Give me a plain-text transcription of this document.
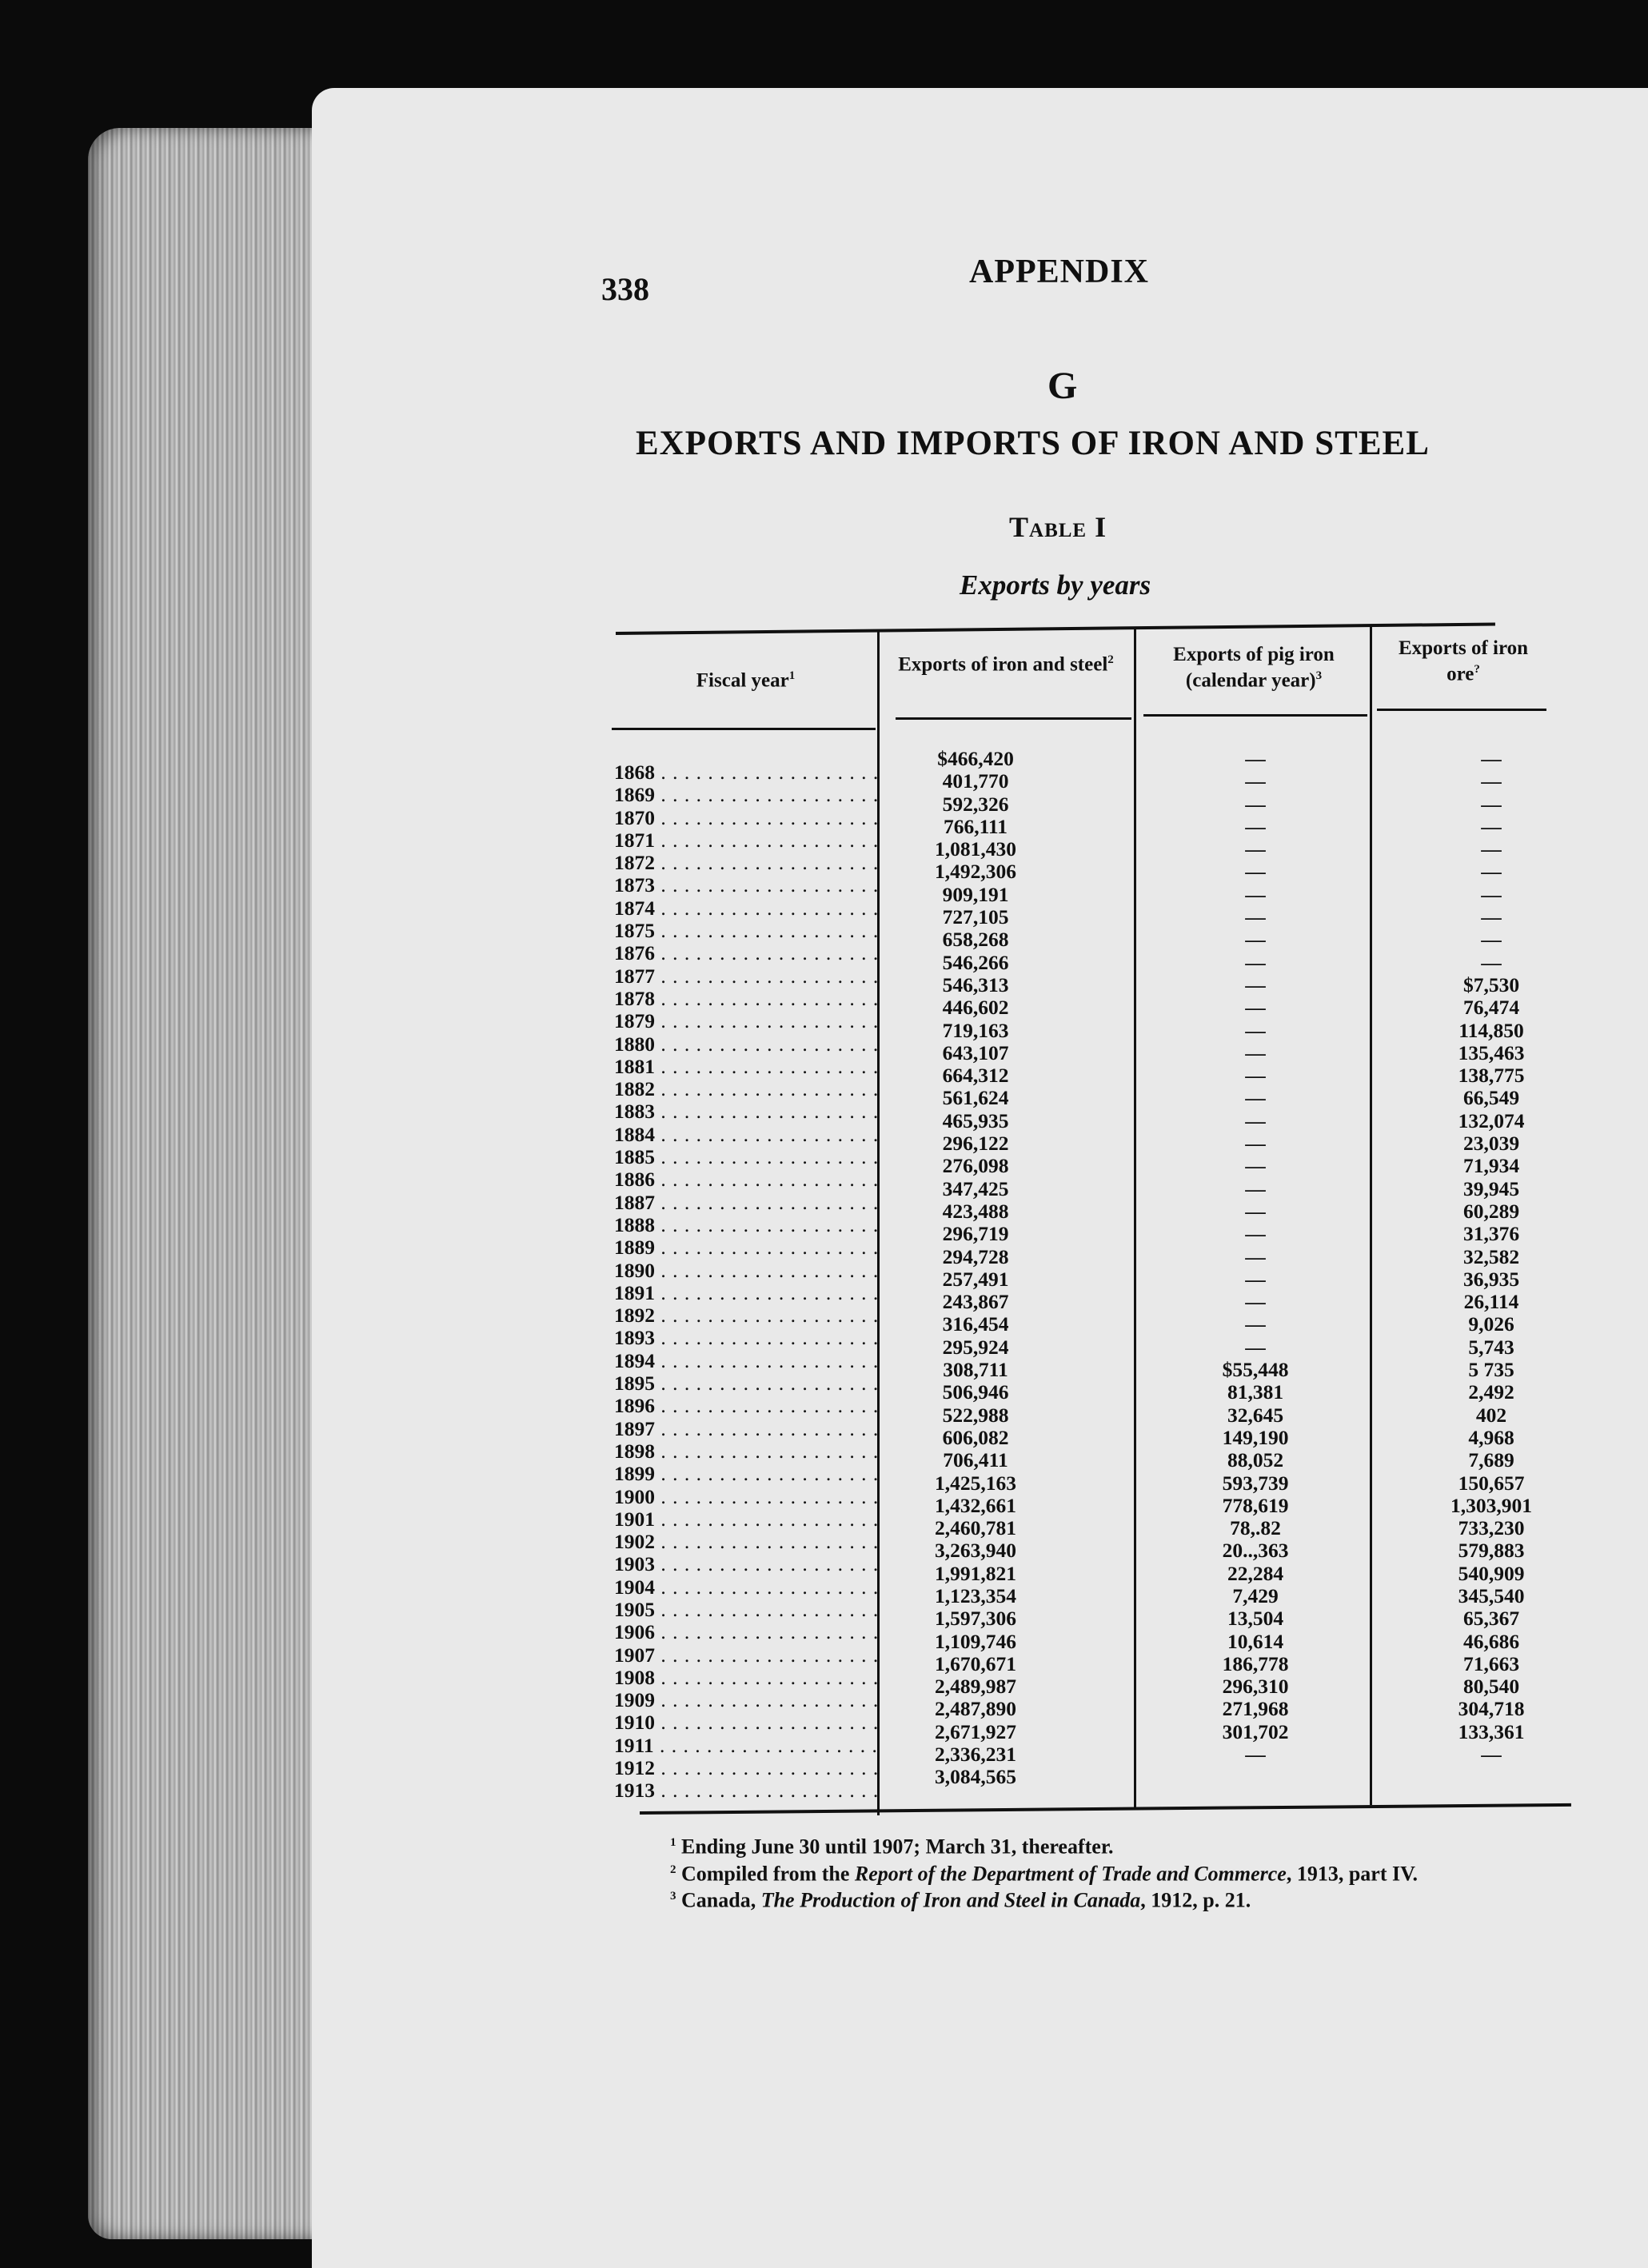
338	APPENDIX
G
EXPORTS AND IMPORTS OF IRON AND STEEL
Table I
Exports by years
Fiscal year$^1$
Exports of iron and steel$^2$	Exports of pig iron (calendar year)$^3$
Exports of iron ore?
1868 . . .
1869 . . .
1870 . . .
1871 . . .
1872 . . .
1873 . . .
1874 . . .
1875 . . .
1876 . . .
1877 . . .
1878 . . .
1879 . . .
1880 . . .
1881 . . .
1882 . . .
1883 . . .
1884 . . .
1885 . . .
1886 . . .
1887 . . .
1888 . . .
1889 . . .
1890 . . .
1891 . . .
1892 . . .
1893 . . .
1894 . . .
1895 . . .
1896 . . .
1897 . . .
1898 . . .
1899 . . .
1900 . . .
1901 . . .
1902 . . .
1903 . . .
1904 . . .
1905 . . .
1906 . . .
1907 . . .
1908 . . .
1909 . . .
1910 . . .
1911 . . .
1912 . . .
1913 . . .
$466,420
401,770
592,326
766,111
1,081,430
1,492,306
909,191
727,105
658,268
546,266
546,313
446,602
719,163
643,107
664,312
561,624
465,935
296,122
276,098
347,425
423,488
296,719
294,728
257,491
243,867
316,454
295,924
308,711
506,946
522,988
606,082
706,411
1,425,163
1,432,661
2,460,781
3,263,940
1,991,821
1,123,354
1,597,306
1,109,746
1,670,671
2,489,987
2,487,890
2,671,927
2,336,231
3,084,565
—
—
—
—
—
—
—
—
—
—
—
—
—
—
—
—
—
—
—
—
—
—
—
—
—
—
—
$55,448
81,381
32,645
149,190
88,052
593,739
778,619
78,.82
20..,363
22,284
7,429
13,504
10,614
186,778
296,310
271,968
301,702
—
—
—
—
—
—
—
—
—
—
—
$7,530
76,474
114,850
135,463
138,775
66,549
132,074
23,039
71,934
39,945
60,289
31,376
32,582
36,935
26,114
9,026
5,743
5 735
2,492
402
4,968
7,689
150,657
1,303,901
733,230
579,883
540,909
345,540
65,367
46,686
71,663
80,540
304,718
133,361
—
$^1$ Ending June 30 until 1907; March 31, thereafter.
$^2$ Compiled from the Report of the Department of Trade and Commerce, 1913, part IV.
$^3$ Canada, The Production of Iron and Steel in Canada, 1912, p. 21.
